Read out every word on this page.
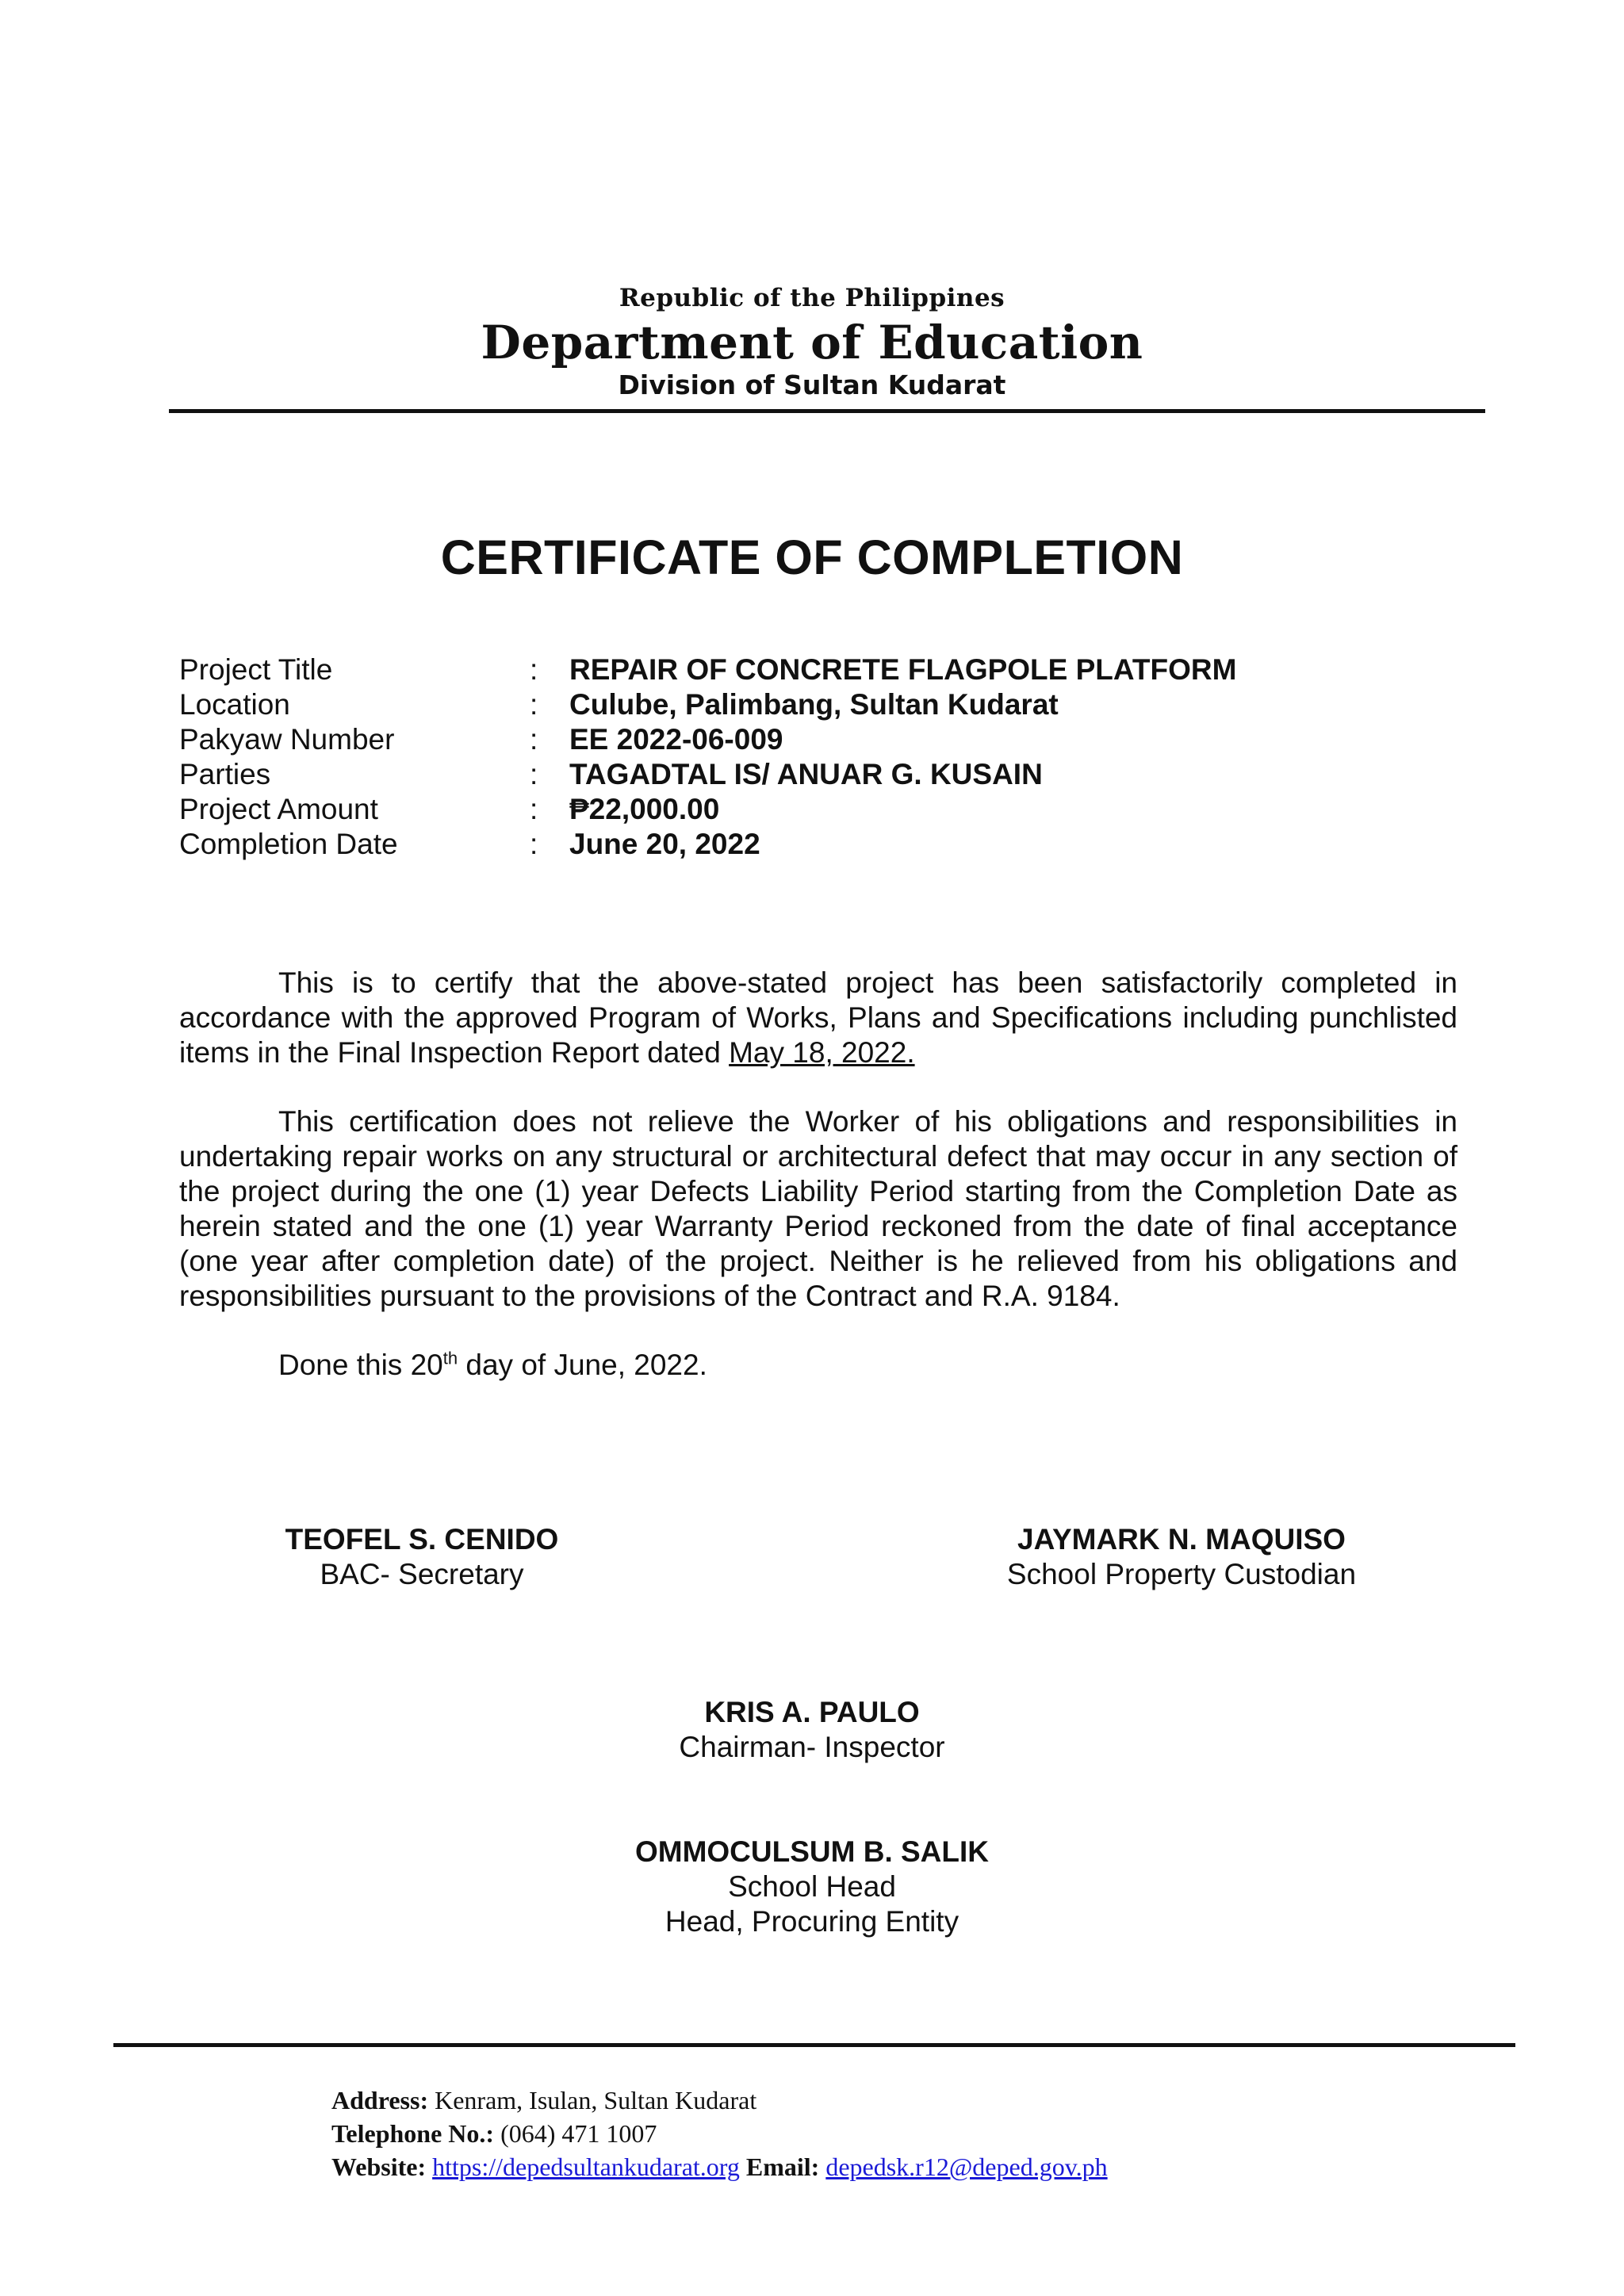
Republic of the Philippines
Department of Education
Division of Sultan Kudarat
CERTIFICATE OF COMPLETION
Project Title	: REPAIR OF CONCRETE FLAGPOLE PLATFORM
Location	: Culube, Palimbang, Sultan Kudarat
Pakyaw Number	: EE 2022-06-009
Parties	: TAGADTAL IS/ ANUAR G. KUSAIN
Project Amount	: ₱22,000.00
Completion Date	: June 20, 2022
This is to certify that the above-stated project has been satisfactorily completed in accordance with the approved Program of Works, Plans and Specifications including punchlisted items in the Final Inspection Report dated May 18, 2022.
This certification does not relieve the Worker of his obligations and responsibilities in undertaking repair works on any structural or architectural defect that may occur in any section of the project during the one (1) year Defects Liability Period starting from the Completion Date as herein stated and the one (1) year Warranty Period reckoned from the date of final acceptance (one year after completion date) of the project. Neither is he relieved from his obligations and responsibilities pursuant to the provisions of the Contract and R.A. 9184.
Done this 20th day of June, 2022.
TEOFEL S. CENIDO
BAC- Secretary
JAYMARK N. MAQUISO
School Property Custodian
KRIS A. PAULO
Chairman- Inspector
OMMOCULSUM B. SALIK
School Head
Head, Procuring Entity
Address: Kenram, Isulan, Sultan Kudarat
Telephone No.: (064) 471 1007
Website: https://depedsultankudarat.org Email: depedsk.r12@deped.gov.ph
